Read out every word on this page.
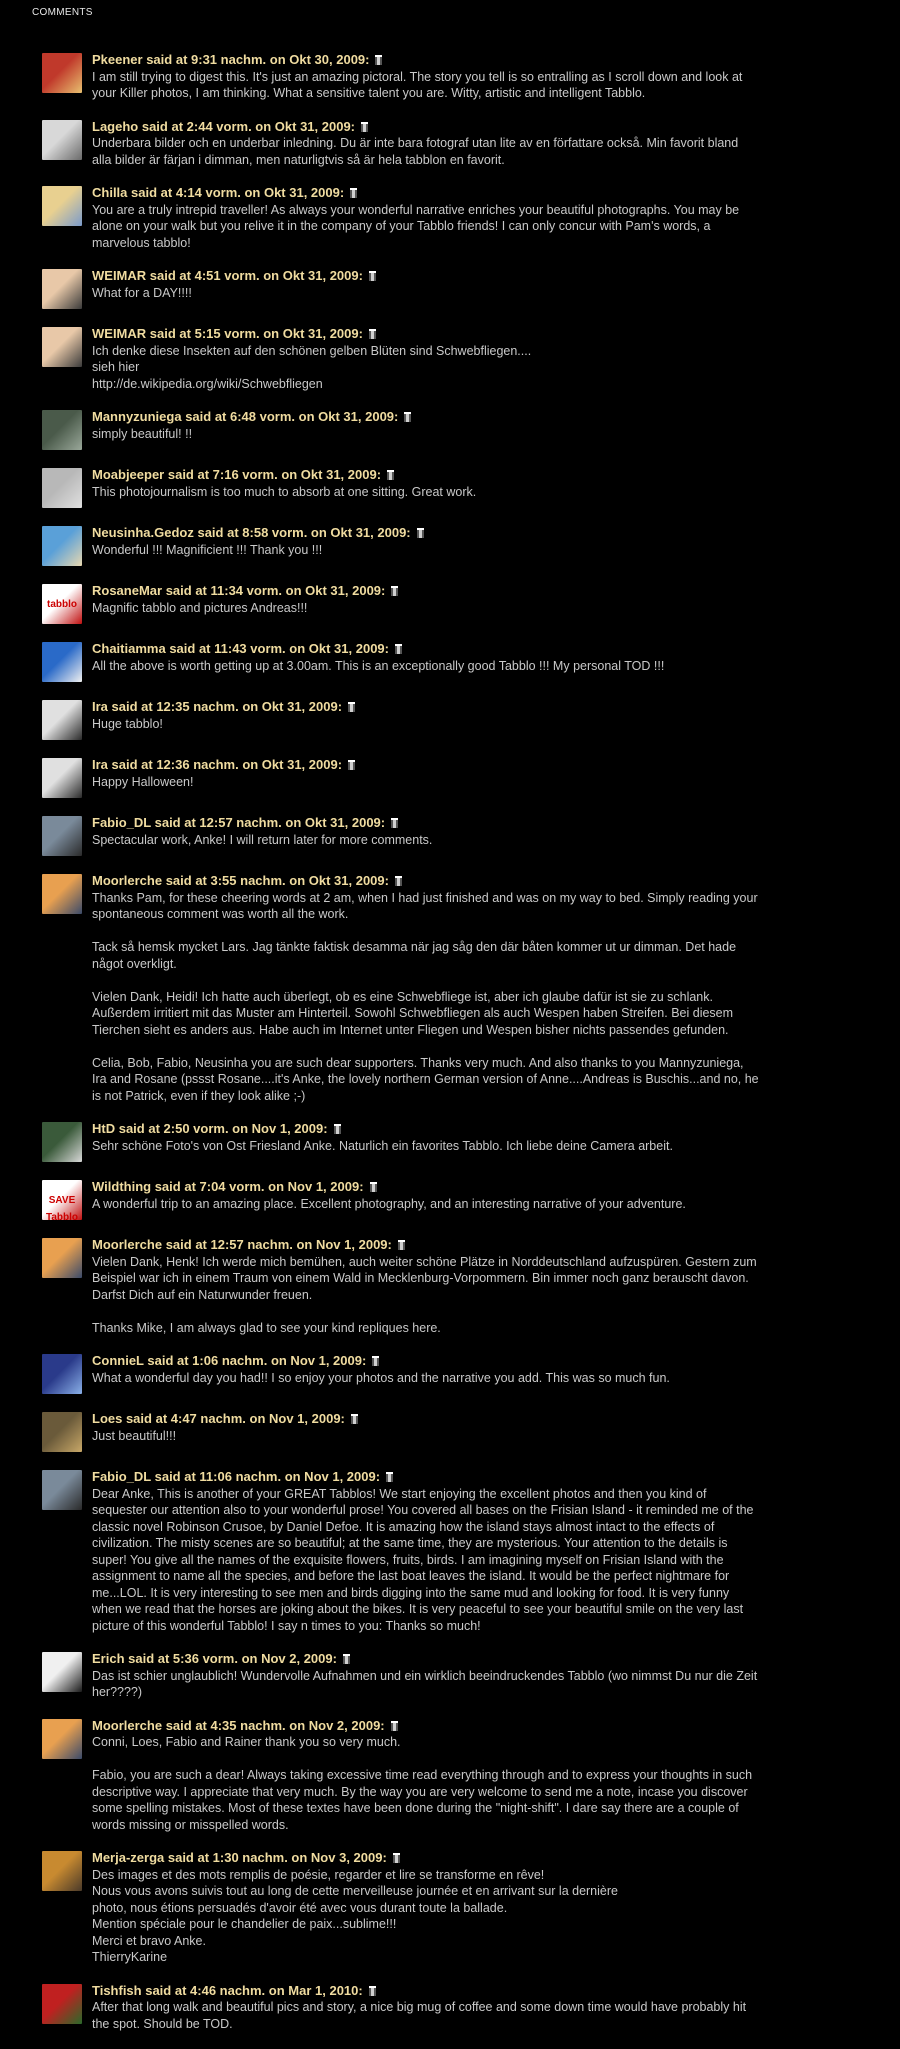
COMMENTS
Pkeener said at 9:31 nachm. on Okt 30, 2009:
I am still trying to digest this. It's just an amazing pictoral. The story you tell is so entralling as I scroll down and look at your Killer photos, I am thinking. What a sensitive talent you are. Witty, artistic and intelligent Tabblo.
Lageho said at 2:44 vorm. on Okt 31, 2009:
Underbara bilder och en underbar inledning. Du är inte bara fotograf utan lite av en författare också. Min favorit bland alla bilder är färjan i dimman, men naturligtvis så är hela tabblon en favorit.
Chilla said at 4:14 vorm. on Okt 31, 2009:
You are a truly intrepid traveller! As always your wonderful narrative enriches your beautiful photographs. You may be alone on your walk but you relive it in the company of your Tabblo friends! I can only concur with Pam's words, a marvelous tabblo!
WEIMAR said at 4:51 vorm. on Okt 31, 2009:
What for a DAY!!!!
WEIMAR said at 5:15 vorm. on Okt 31, 2009:
Ich denke diese Insekten auf den schönen gelben Blüten sind Schwebfliegen....
sieh hier
http://de.wikipedia.org/wiki/Schwebfliegen
Mannyzuniega said at 6:48 vorm. on Okt 31, 2009:
simply beautiful! !!
Moabjeeper said at 7:16 vorm. on Okt 31, 2009:
This photojournalism is too much to absorb at one sitting. Great work.
Neusinha.Gedoz said at 8:58 vorm. on Okt 31, 2009:
Wonderful !!! Magnificient !!! Thank you !!!
tabblo
RosaneMar said at 11:34 vorm. on Okt 31, 2009:
Magnific tabblo and pictures Andreas!!!
Chaitiamma said at 11:43 vorm. on Okt 31, 2009:
All the above is worth getting up at 3.00am. This is an exceptionally good Tabblo !!! My personal TOD !!!
Ira said at 12:35 nachm. on Okt 31, 2009:
Huge tabblo!
Ira said at 12:36 nachm. on Okt 31, 2009:
Happy Halloween!
Fabio_DL said at 12:57 nachm. on Okt 31, 2009:
Spectacular work, Anke! I will return later for more comments.
Moorlerche said at 3:55 nachm. on Okt 31, 2009:
Thanks Pam, for these cheering words at 2 am, when I had just finished and was on my way to bed. Simply reading your spontaneous comment was worth all the work.

Tack så hemsk mycket Lars. Jag tänkte faktisk desamma när jag såg den där båten kommer ut ur dimman. Det hade något overkligt.

Vielen Dank, Heidi! Ich hatte auch überlegt, ob es eine Schwebfliege ist, aber ich glaube dafür ist sie zu schlank. Außerdem irritiert mit das Muster am Hinterteil. Sowohl Schwebfliegen als auch Wespen haben Streifen. Bei diesem Tierchen sieht es anders aus. Habe auch im Internet unter Fliegen und Wespen bisher nichts passendes gefunden.

Celia, Bob, Fabio, Neusinha you are such dear supporters. Thanks very much. And also thanks to you Mannyzuniega, Ira and Rosane (pssst Rosane....it's Anke, the lovely northern German version of Anne....Andreas is Buschis...and no, he is not Patrick, even if they look alike ;-)
HtD said at 2:50 vorm. on Nov 1, 2009:
Sehr schöne Foto's von Ost Friesland Anke. Naturlich ein favorites Tabblo. Ich liebe deine Camera arbeit.
SAVE Tabblo
Wildthing said at 7:04 vorm. on Nov 1, 2009:
A wonderful trip to an amazing place. Excellent photography, and an interesting narrative of your adventure.
Moorlerche said at 12:57 nachm. on Nov 1, 2009:
Vielen Dank, Henk! Ich werde mich bemühen, auch weiter schöne Plätze in Norddeutschland aufzuspüren. Gestern zum Beispiel war ich in einem Traum von einem Wald in Mecklenburg-Vorpommern. Bin immer noch ganz berauscht davon. Darfst Dich auf ein Naturwunder freuen.

Thanks Mike, I am always glad to see your kind repliques here.
ConnieL said at 1:06 nachm. on Nov 1, 2009:
What a wonderful day you had!! I so enjoy your photos and the narrative you add. This was so much fun.
Loes said at 4:47 nachm. on Nov 1, 2009:
Just beautiful!!!
Fabio_DL said at 11:06 nachm. on Nov 1, 2009:
Dear Anke, This is another of your GREAT Tabblos! We start enjoying the excellent photos and then you kind of sequester our attention also to your wonderful prose! You covered all bases on the Frisian Island - it reminded me of the classic novel Robinson Crusoe, by Daniel Defoe. It is amazing how the island stays almost intact to the effects of civilization. The misty scenes are so beautiful; at the same time, they are mysterious. Your attention to the details is super! You give all the names of the exquisite flowers, fruits, birds. I am imagining myself on Frisian Island with the assignment to name all the species, and before the last boat leaves the island. It would be the perfect nightmare for me...LOL. It is very interesting to see men and birds digging into the same mud and looking for food. It is very funny when we read that the horses are joking about the bikes. It is very peaceful to see your beautiful smile on the very last picture of this wonderful Tabblo! I say n times to you: Thanks so much!
Erich said at 5:36 vorm. on Nov 2, 2009:
Das ist schier unglaublich! Wundervolle Aufnahmen und ein wirklich beeindruckendes Tabblo (wo nimmst Du nur die Zeit her????)
Moorlerche said at 4:35 nachm. on Nov 2, 2009:
Conni, Loes, Fabio and Rainer thank you so very much.

Fabio, you are such a dear! Always taking excessive time read everything through and to express your thoughts in such descriptive way. I appreciate that very much. By the way you are very welcome to send me a note, incase you discover some spelling mistakes. Most of these textes have been done during the "night-shift". I dare say there are a couple of words missing or misspelled words.
Merja-zerga said at 1:30 nachm. on Nov 3, 2009:
Des images et des mots remplis de poésie, regarder et lire se transforme en rêve!
Nous vous avons suivis tout au long de cette merveilleuse journée et en arrivant sur la dernière
photo, nous étions persuadés d'avoir été avec vous durant toute la ballade.
Mention spéciale pour le chandelier de paix...sublime!!!
Merci et bravo Anke.
ThierryKarine
Tishfish said at 4:46 nachm. on Mar 1, 2010:
After that long walk and beautiful pics and story, a nice big mug of coffee and some down time would have probably hit the spot. Should be TOD.
